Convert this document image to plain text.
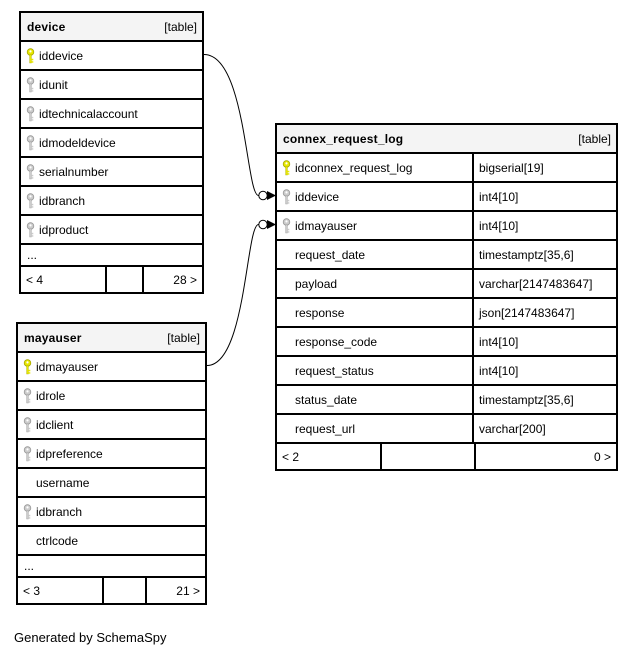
device	[table]
iddevice
idunit
idtechnicalaccount
idmodeldevice
serialnumber
idbranch
idproduct
...
< 4	28 >
mayauser	[table]
idmayauser
idrole
idclient
idpreference
username
idbranch
ctrlcode
...
< 3	21 >
connex_request_log	[table]
idconnex_request_log	bigserial[19]
iddevice	int4[10]
idmayauser	int4[10]
request_date	timestamptz[35,6]
payload	varchar[2147483647]
response	json[2147483647]
response_code	int4[10]
request_status	int4[10]
status_date	timestamptz[35,6]
request_url	varchar[200]
< 2	0 >
Generated by SchemaSpy
